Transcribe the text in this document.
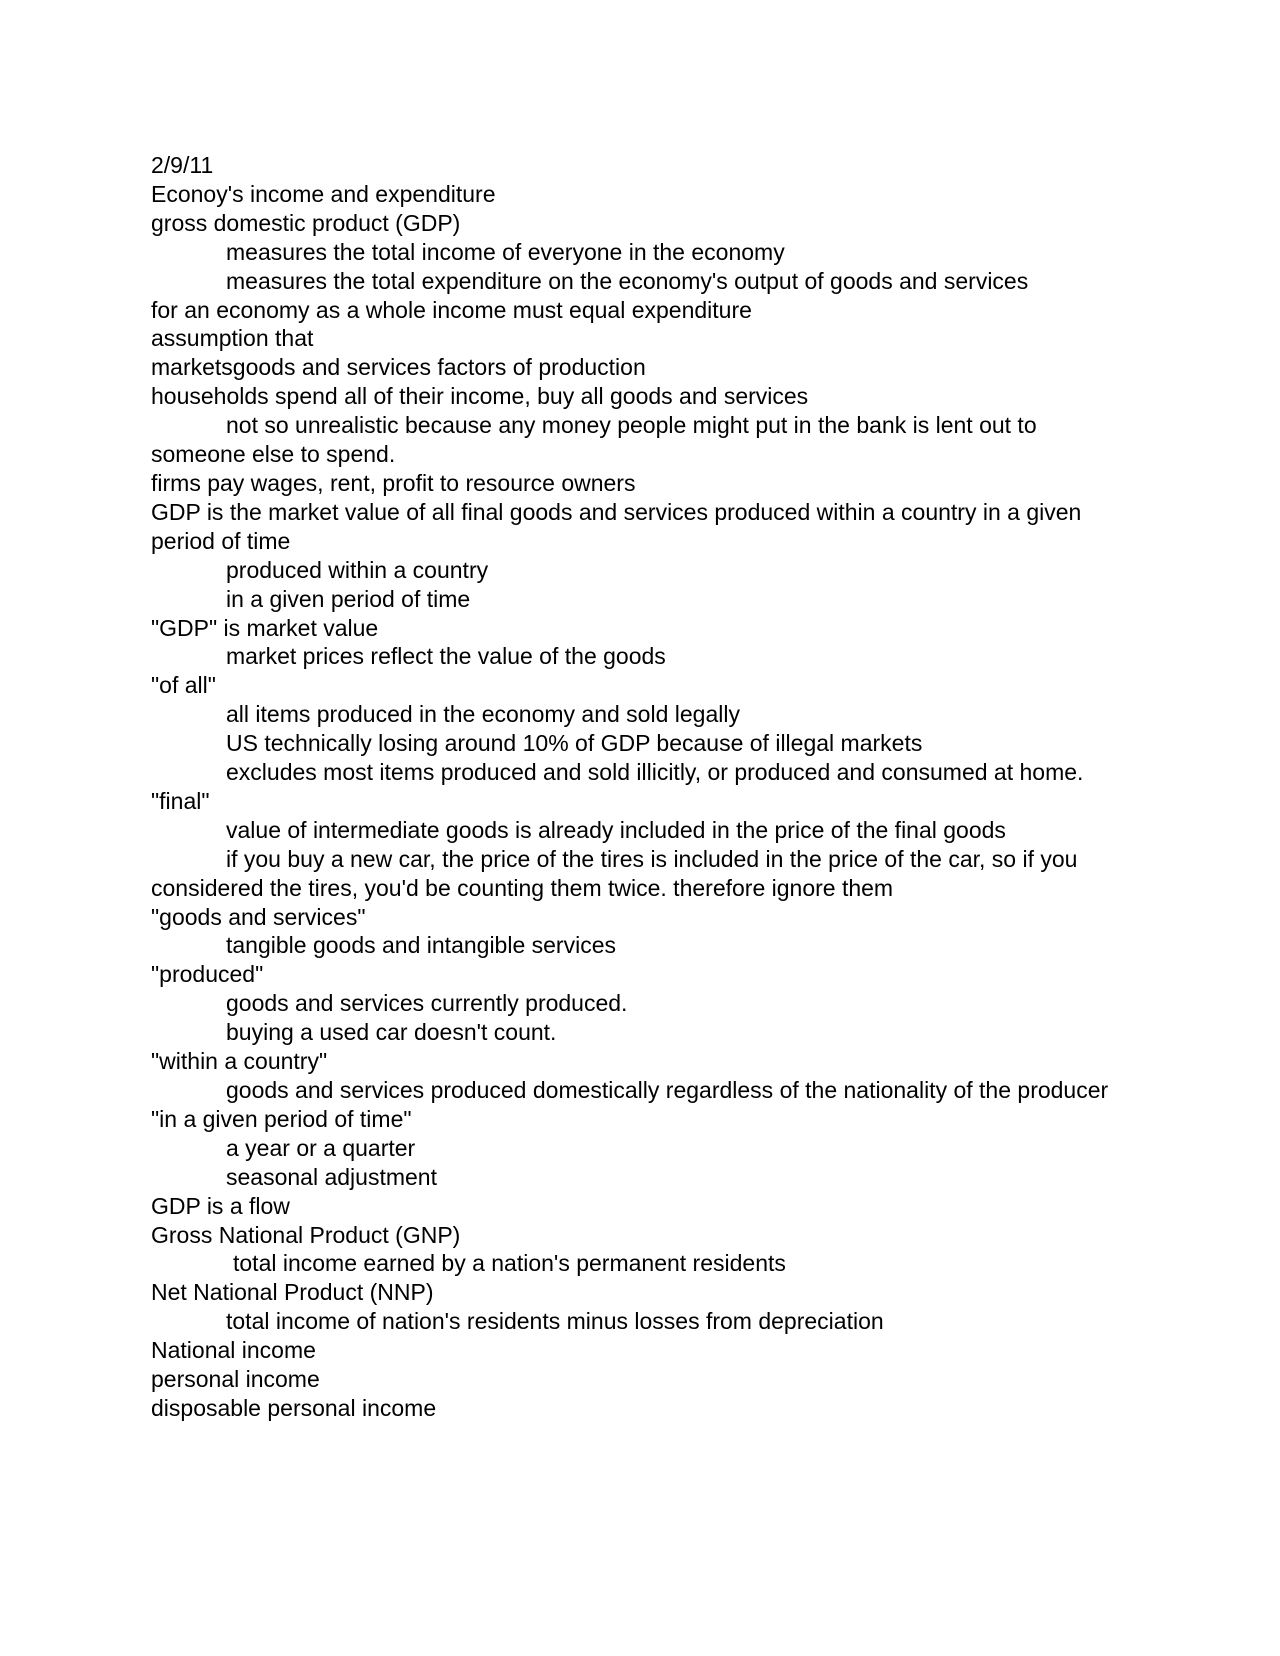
2/9/11

Econoy's income and expenditure

gross domestic product (GDP)

measures the total income of everyone in the economy

measures the total expenditure on the economy's output of goods and services

for an economy as a whole income must equal expenditure

assumption that

marketsgoods and services factors of production

households spend all of their income, buy all goods and services

not so unrealistic because any money people might put in the bank is lent out to someone else to spend.

firms pay wages, rent, profit to resource owners

GDP is the market value of all final goods and services produced within a country in a given period of time

produced within a country

in a given period of time

"GDP" is market value

market prices reflect the value of the goods

"of all"

all items produced in the economy and sold legally

US technically losing around 10% of GDP because of illegal markets

excludes most items produced and sold illicitly, or produced and consumed at home.

"final"

value of intermediate goods is already included in the price of the final goods

if you buy a new car, the price of the tires is included in the price of the car, so if you considered the tires, you'd be counting them twice. therefore ignore them

"goods and services"

tangible goods and intangible services

"produced"

goods and services currently produced.

buying a used car doesn't count.

"within a country"

goods and services produced domestically regardless of the nationality of the producer

"in a given period of time"

a year or a quarter

seasonal adjustment

GDP is a flow

Gross National Product (GNP)

total income earned by a nation's permanent residents

Net National Product (NNP)

total income of nation's residents minus losses from depreciation

National income

personal income

disposable personal income
